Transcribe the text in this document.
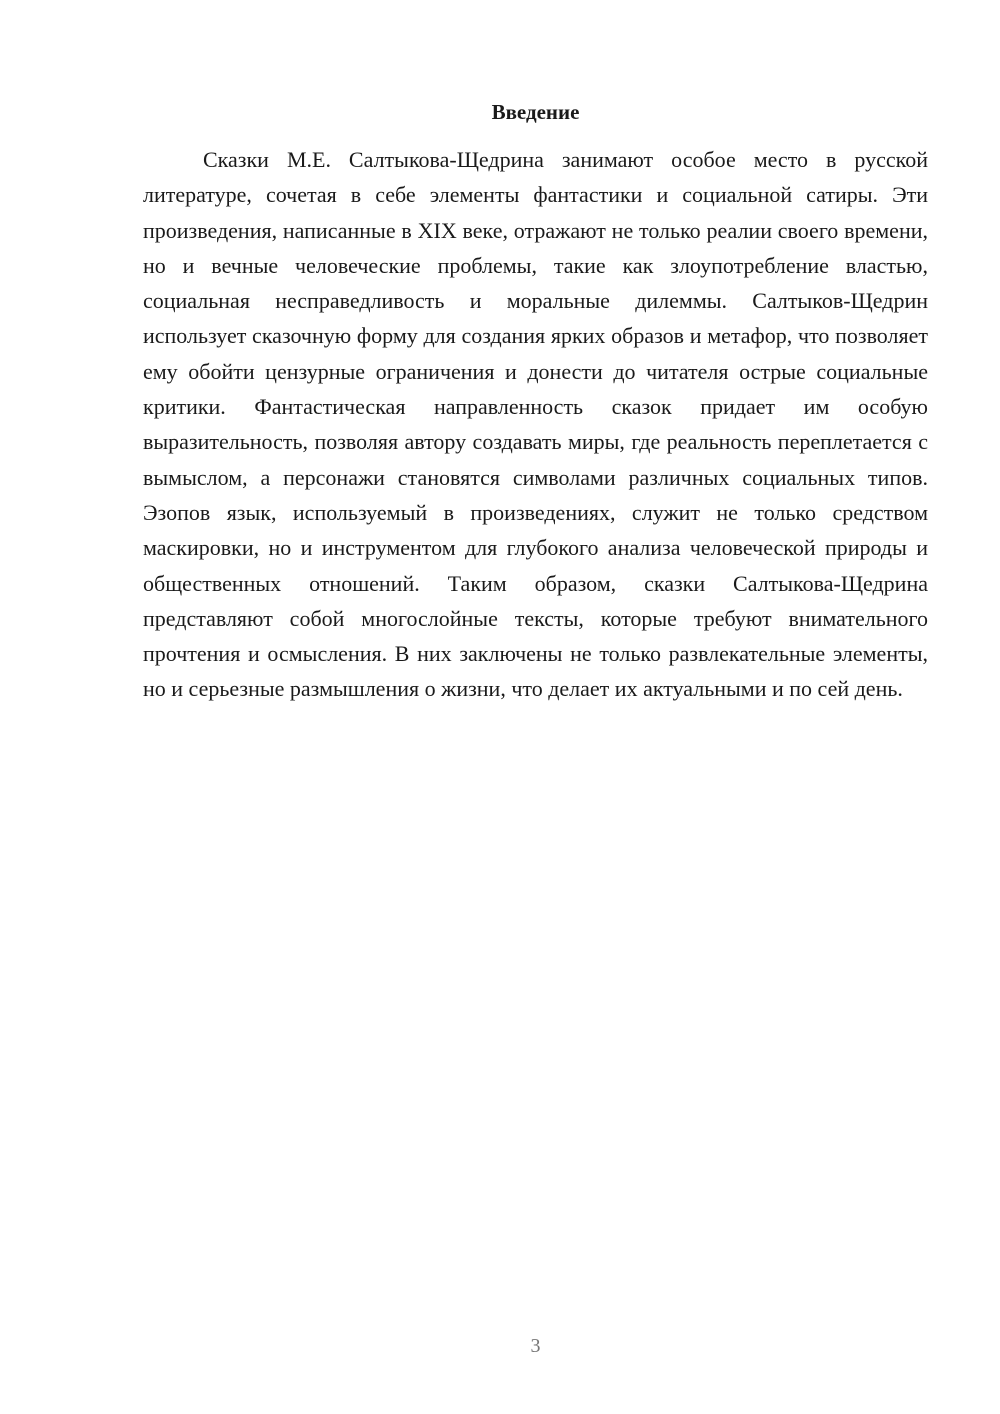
Введение

Сказки М.Е. Салтыкова-Щедрина занимают особое место в русской литературе, сочетая в себе элементы фантастики и социальной сатиры. Эти произведения, написанные в XIX веке, отражают не только реалии своего времени, но и вечные человеческие проблемы, такие как злоупотребление властью, социальная несправедливость и моральные дилеммы. Салтыков-Щедрин использует сказочную форму для создания ярких образов и метафор, что позволяет ему обойти цензурные ограничения и донести до читателя острые социальные критики. Фантастическая направленность сказок придает им особую выразительность, позволяя автору создавать миры, где реальность переплетается с вымыслом, а персонажи становятся символами различных социальных типов. Эзопов язык, используемый в произведениях, служит не только средством маскировки, но и инструментом для глубокого анализа человеческой природы и общественных отношений. Таким образом, сказки Салтыкова-Щедрина представляют собой многослойные тексты, которые требуют внимательного прочтения и осмысления. В них заключены не только развлекательные элементы, но и серьезные размышления о жизни, что делает их актуальными и по сей день.

3
